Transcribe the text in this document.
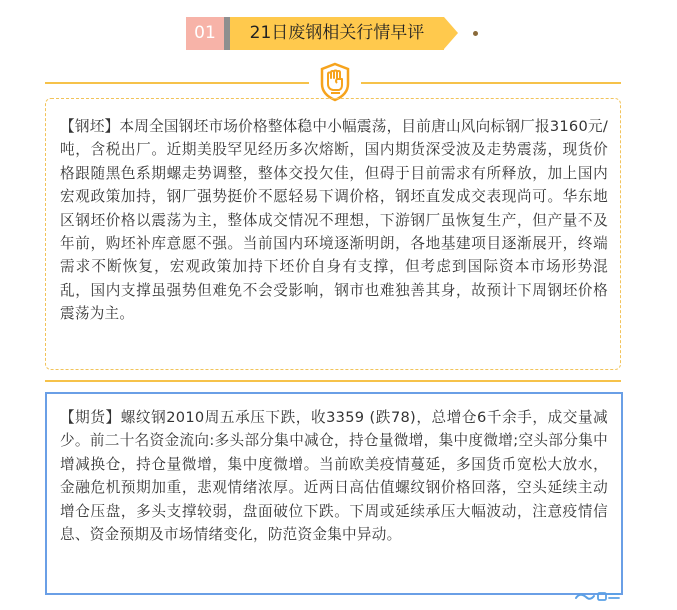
01	21日废钢相关行情早评

【钢坯】本周全国钢坯市场价格整体稳中小幅震荡，目前唐山风向标钢厂报3160元/吨，含税出厂。近期美股罕见经历多次熔断，国内期货深受波及走势震荡，现货价格跟随黑色系期螺走势调整，整体交投欠佳，但碍于目前需求有所释放，加上国内宏观政策加持，钢厂强势挺价不愿轻易下调价格，钢坯直发成交表现尚可。华东地区钢坯价格以震荡为主，整体成交情况不理想，下游钢厂虽恢复生产，但产量不及年前，购坯补库意愿不强。当前国内环境逐渐明朗，各地基建项目逐渐展开，终端需求不断恢复，宏观政策加持下坯价自身有支撑，但考虑到国际资本市场形势混乱，国内支撑虽强势但难免不会受影响，钢市也难独善其身，故预计下周钢坯价格震荡为主。

【期货】螺纹钢2010周五承压下跌，收3359 (跌78)，总增仓6千余手，成交量减少。前二十名资金流向:多头部分集中减仓，持仓量微增，集中度微增;空头部分集中增减换仓，持仓量微增，集中度微增。当前欧美疫情蔓延，多国货币宽松大放水，金融危机预期加重，悲观情绪浓厚。近两日高估值螺纹钢价格回落，空头延续主动增仓压盘，多头支撑较弱，盘面破位下跌。下周或延续承压大幅波动，注意疫情信息、资金预期及市场情绪变化，防范资金集中异动。
